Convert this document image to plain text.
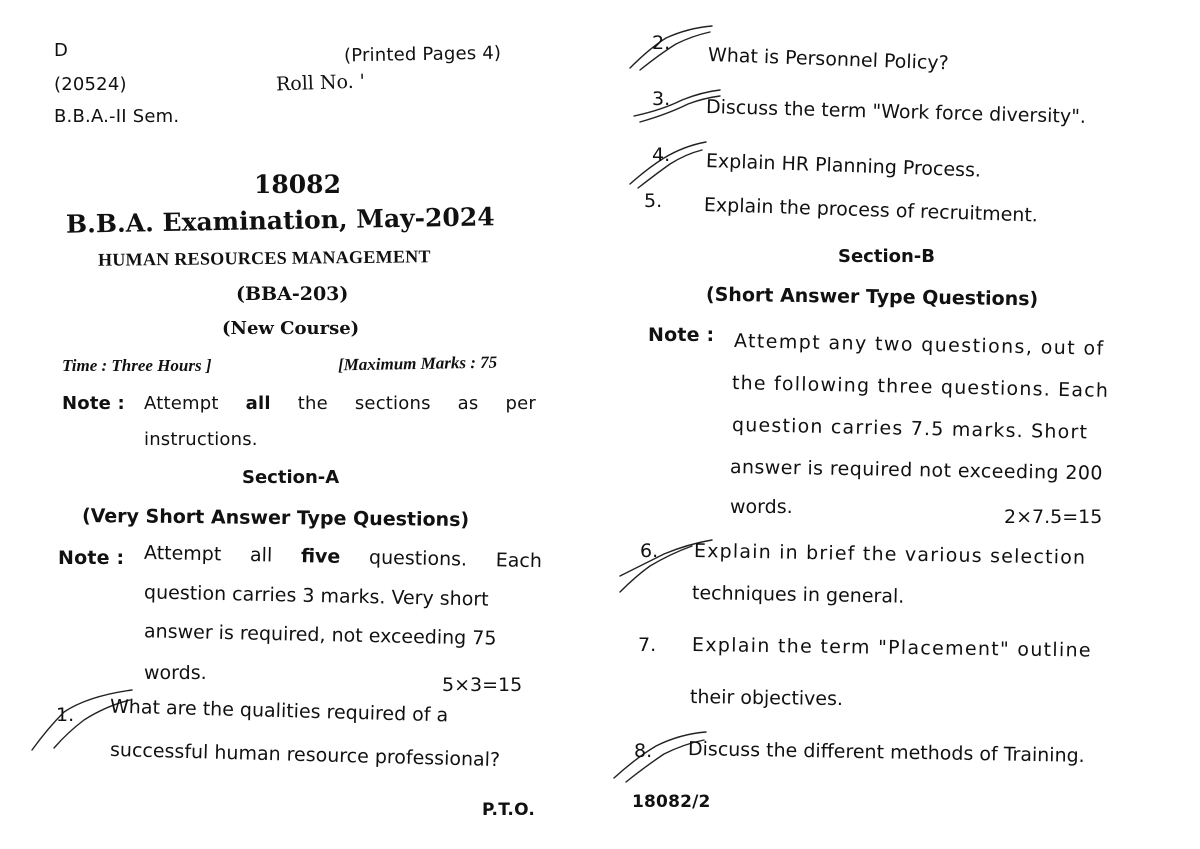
D	(Printed Pages 4)
(20524)	Roll No. '
B.B.A.-II Sem.
18082
B.B.A. Examination, May-2024
HUMAN RESOURCES MANAGEMENT
(BBA-203)
(New Course)
Time : Three Hours ]	[Maximum Marks : 75
Note : Attempt all the sections as per
instructions.
Section-A
(Very Short Answer Type Questions)
Note : Attempt all five questions. Each
question carries 3 marks. Very short
answer is required, not exceeding 75
words.
5×3=15
1. What are the qualities required of a
successful human resource professional?
P.T.O.
2.
What is Personnel Policy?
3. Discuss the term "Work force diversity".
4. Explain HR Planning Process.
5. Explain the process of recruitment.
Section-B
(Short Answer Type Questions)
Note : Attempt any two questions, out of
the following three questions. Each
question carries 7.5 marks. Short
answer is required not exceeding 200
words.	2×7.5=15
6. Explain in brief the various selection
techniques in general.
7. Explain the term "Placement" outline
their objectives.
8. Discuss the different methods of Training.
18082/2
